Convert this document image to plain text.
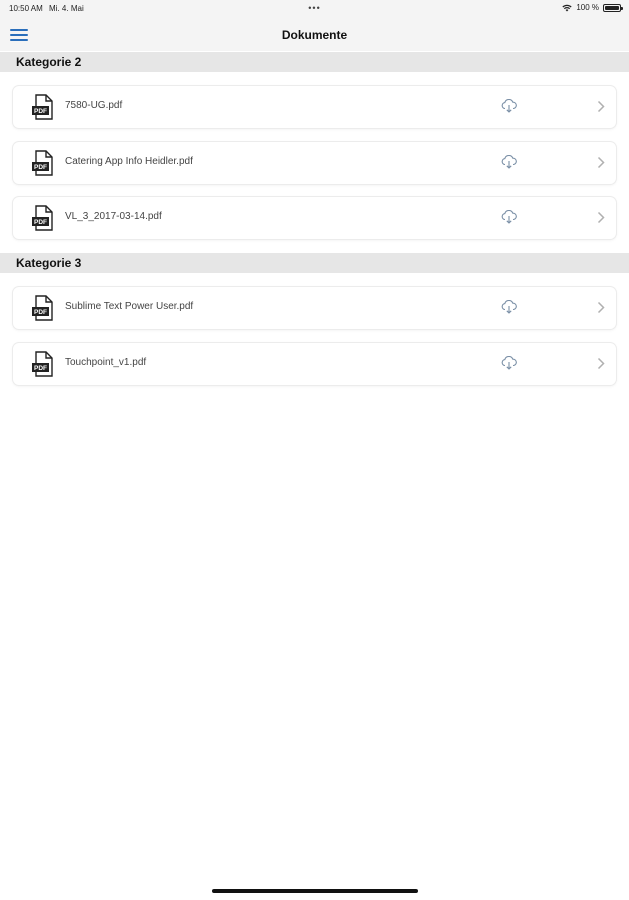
10:50 AM Mi. 4. Mai	•••	100 %
Dokumente
Kategorie 2
PDF
7580-UG.pdf
PDF
Catering App Info Heidler.pdf
PDF
VL_3_2017-03-14.pdf
Kategorie 3
PDF
Sublime Text Power User.pdf
PDF
Touchpoint_v1.pdf
